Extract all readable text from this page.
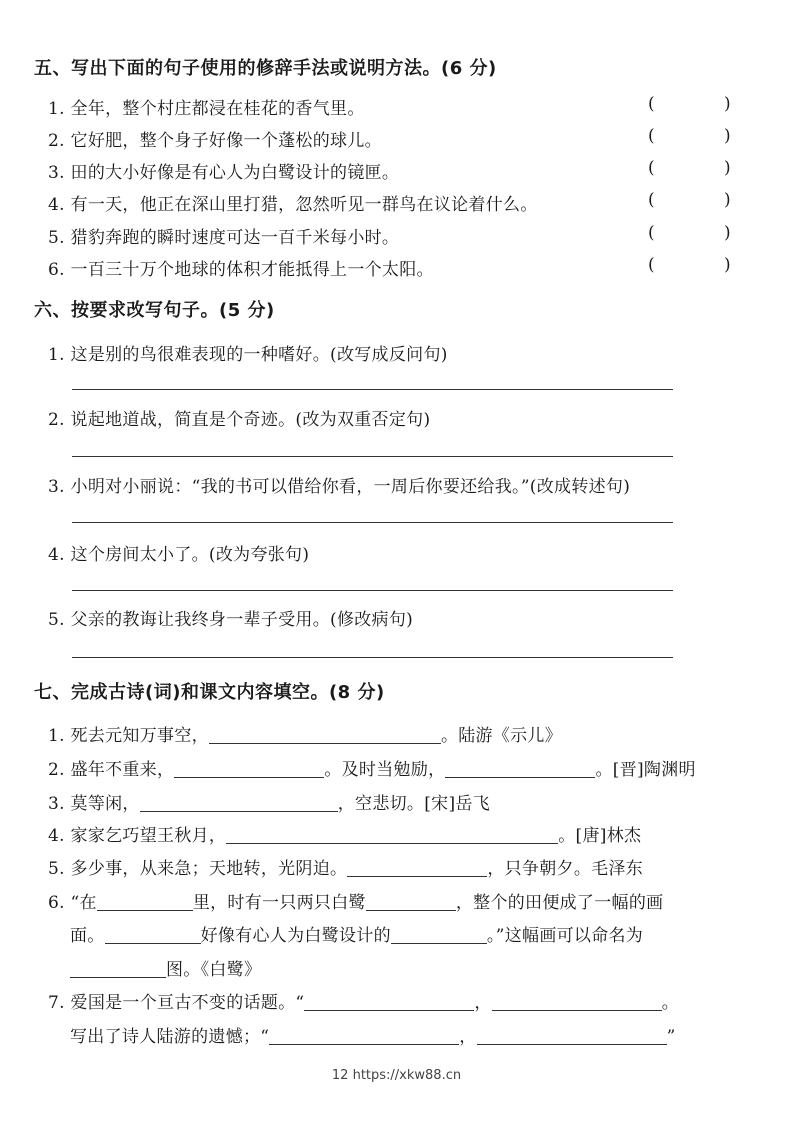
五、写出下面的句子使用的修辞手法或说明方法。(6 分)
1. 全年，整个村庄都浸在桂花的香气里。	(	)
2. 它好肥，整个身子好像一个蓬松的球儿。	(	)
3. 田的大小好像是有心人为白鹭设计的镜匣。	(	)
4. 有一天，他正在深山里打猎，忽然听见一群鸟在议论着什么。	(	)
5. 猎豹奔跑的瞬时速度可达一百千米每小时。	(	)
6. 一百三十万个地球的体积才能抵得上一个太阳。	(	)
六、按要求改写句子。(5 分)
1. 这是别的鸟很难表现的一种嗜好。(改写成反问句)
2. 说起地道战，简直是个奇迹。(改为双重否定句)
3. 小明对小丽说：“我的书可以借给你看，一周后你要还给我。”(改成转述句)
4. 这个房间太小了。(改为夸张句)
5. 父亲的教诲让我终身一辈子受用。(修改病句)
七、完成古诗(词)和课文内容填空。(8 分)
1. 死去元知万事空，	。陆游《示儿》
2. 盛年不重来，	。及时当勉励，	。[晋]陶渊明
3. 莫等闲，	，空悲切。[宋]岳飞
4. 家家乞巧望王秋月，	。[唐]林杰
5. 多少事，从来急；天地转，光阴迫。	，只争朝夕。毛泽东
6. “在	里，时有一只两只白鹭	，整个的田便成了一幅的画
面。	好像有心人为白鹭设计的	。”这幅画可以命名为
图。《白鹭》
7. 爱国是一个亘古不变的话题。“	，	。
写出了诗人陆游的遗憾；“	，	”
12 https://xkw88.cn
